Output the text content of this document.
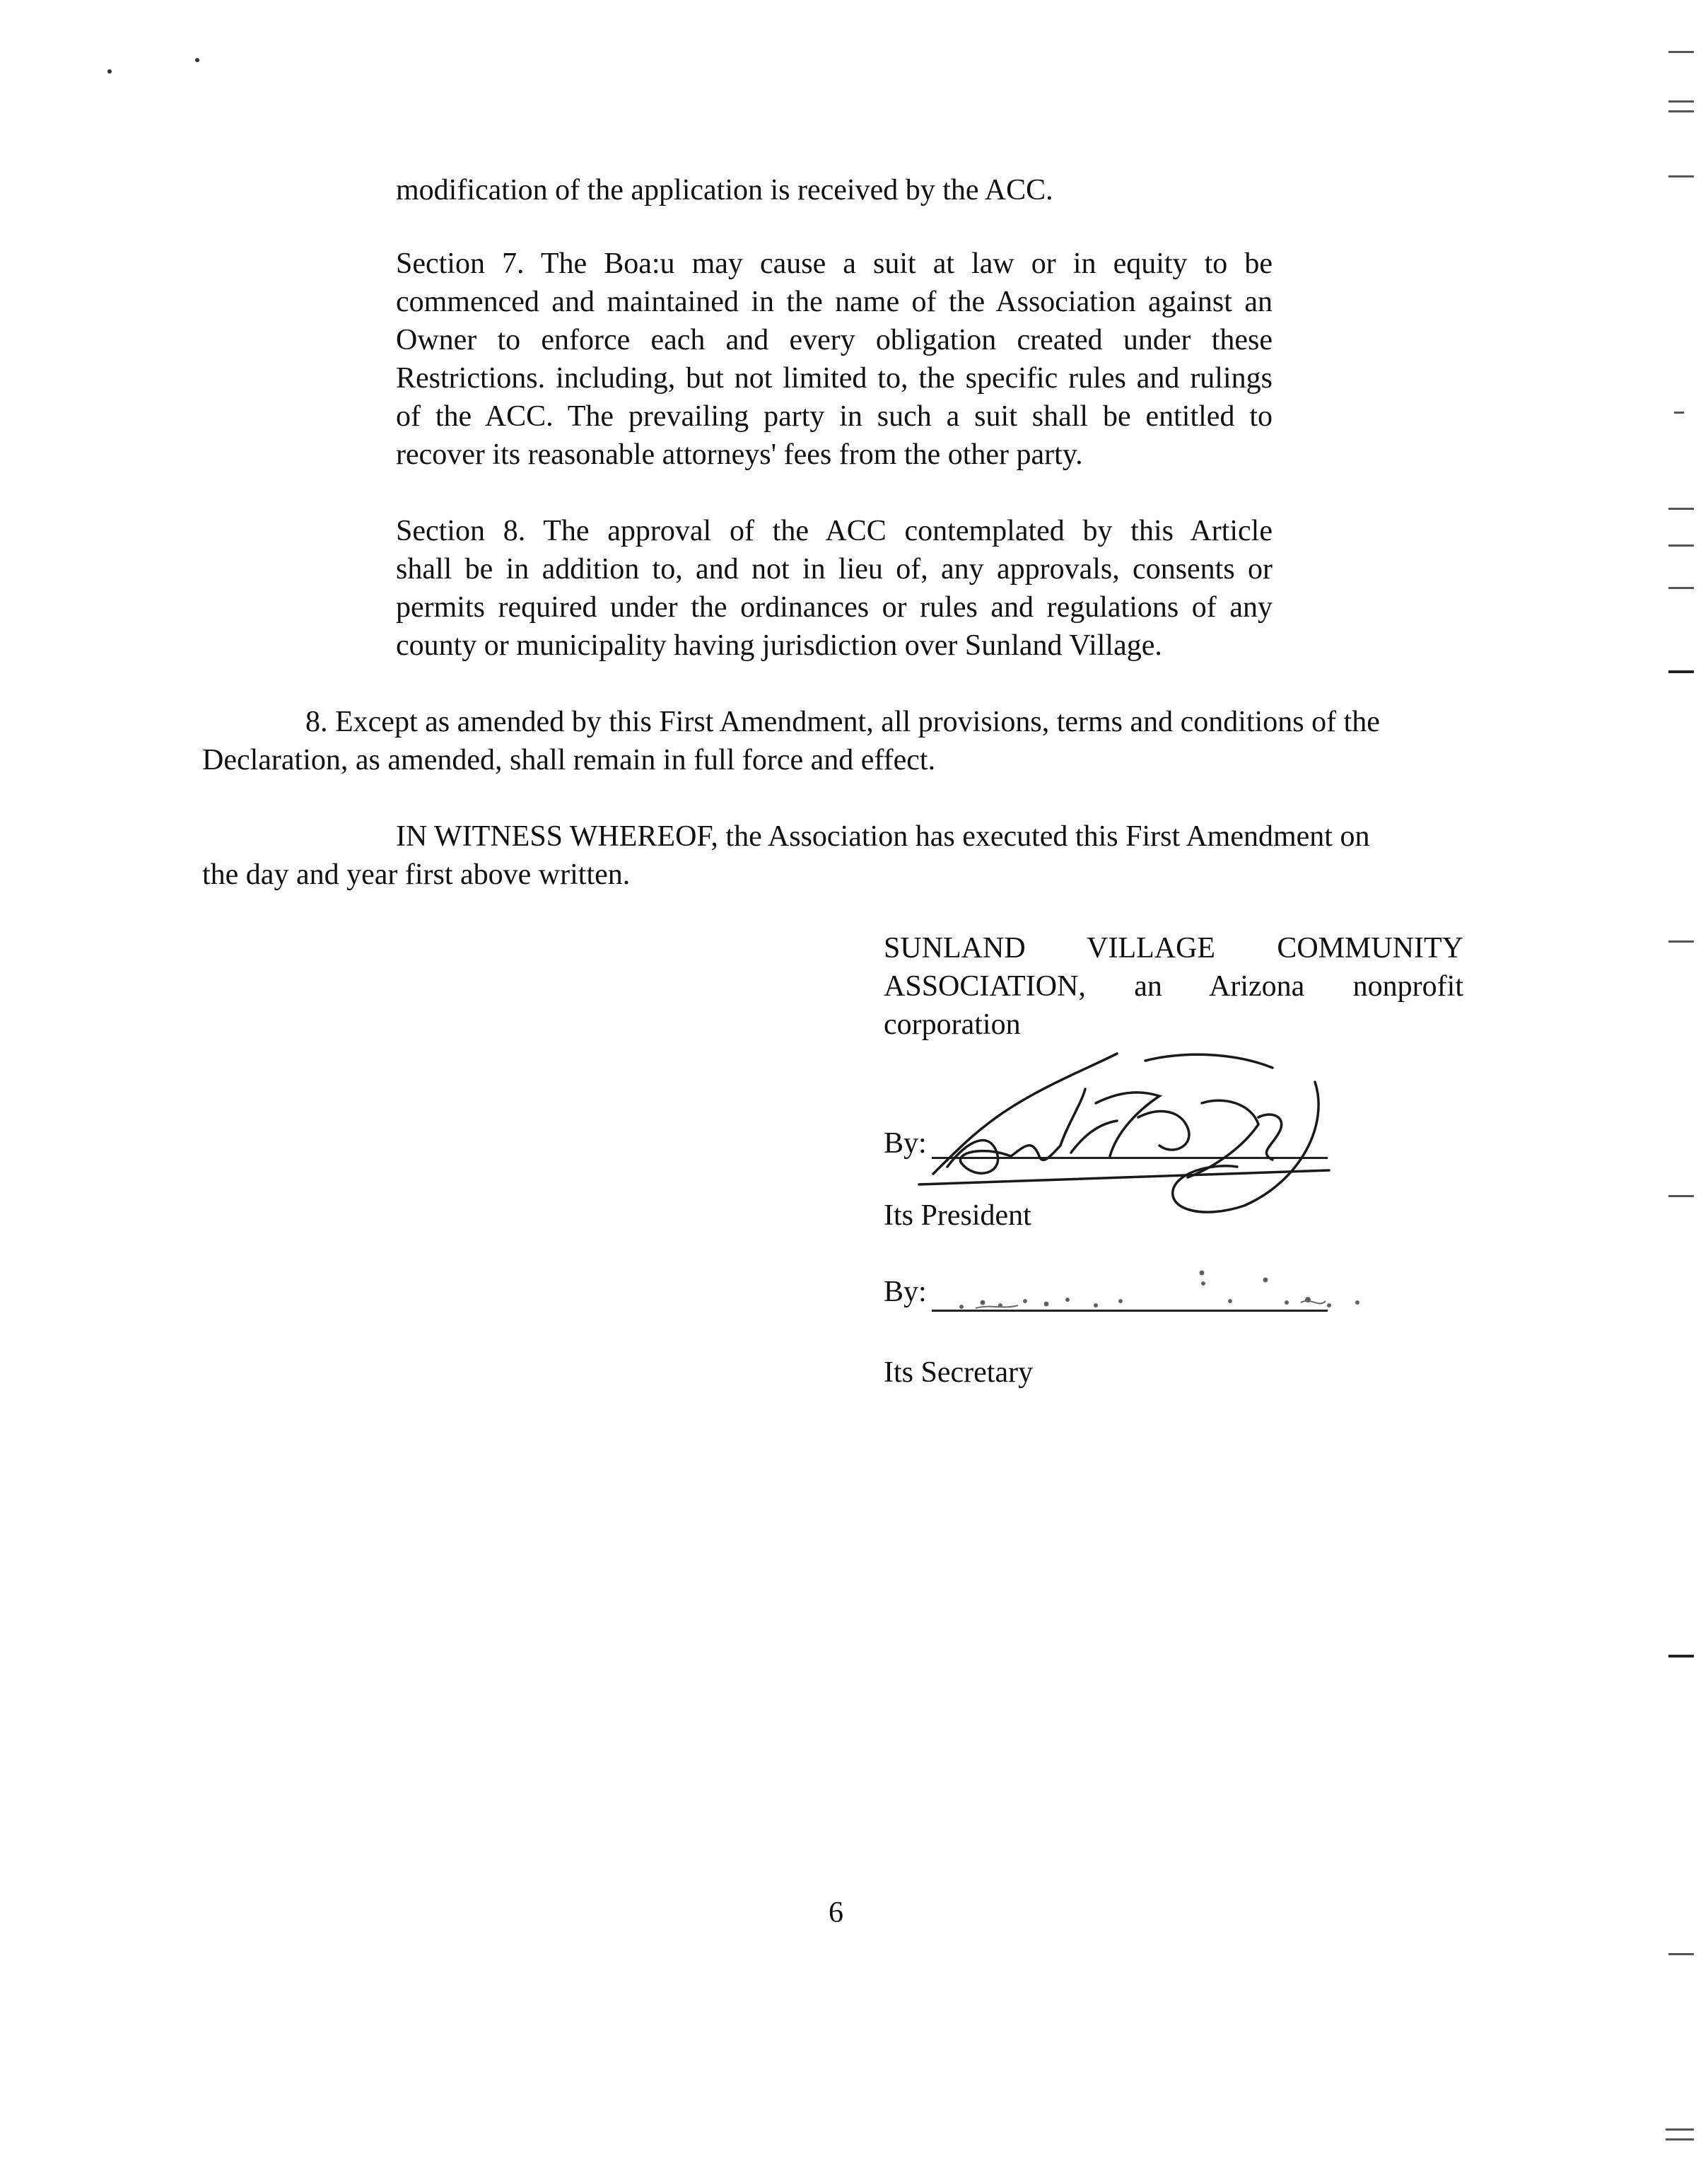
modification of the application is received by the ACC.
Section 7. The Boa:u may cause a suit at law or in equity to be
commenced and maintained in the name of the Association against an
Owner to enforce each and every obligation created under these
Restrictions. including, but not limited to, the specific rules and rulings
of the ACC. The prevailing party in such a suit shall be entitled to
recover its reasonable attorneys' fees from the other party.
Section 8. The approval of the ACC contemplated by this Article
shall be in addition to, and not in lieu of, any approvals, consents or
permits required under the ordinances or rules and regulations of any
county or municipality having jurisdiction over Sunland Village.
8. Except as amended by this First Amendment, all provisions, terms and conditions of the
Declaration, as amended, shall remain in full force and effect.
IN WITNESS WHEREOF, the Association has executed this First Amendment on
the day and year first above written.
SUNLAND VILLAGE COMMUNITY
ASSOCIATION, an Arizona nonprofit
corporation
By:
Its President
By:
Its Secretary
6
